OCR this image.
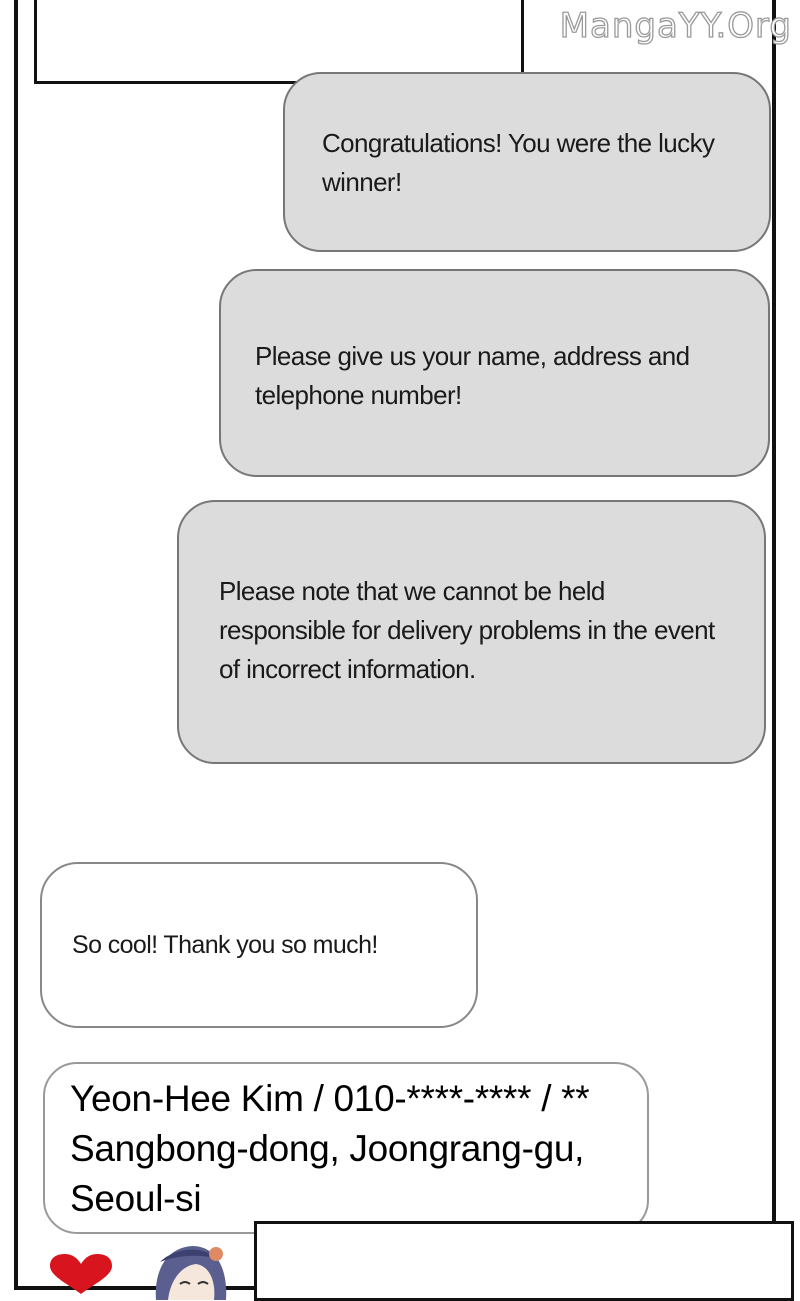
MangaYY.Org
Congratulations! You were the lucky winner!
Please give us your name, address and telephone number!
Please note that we cannot be held responsible for delivery problems in the event of incorrect information.
So cool! Thank you so much!
Yeon-Hee Kim / 010-****-**** / ** Sangbong-dong, Joongrang-gu, Seoul-si
